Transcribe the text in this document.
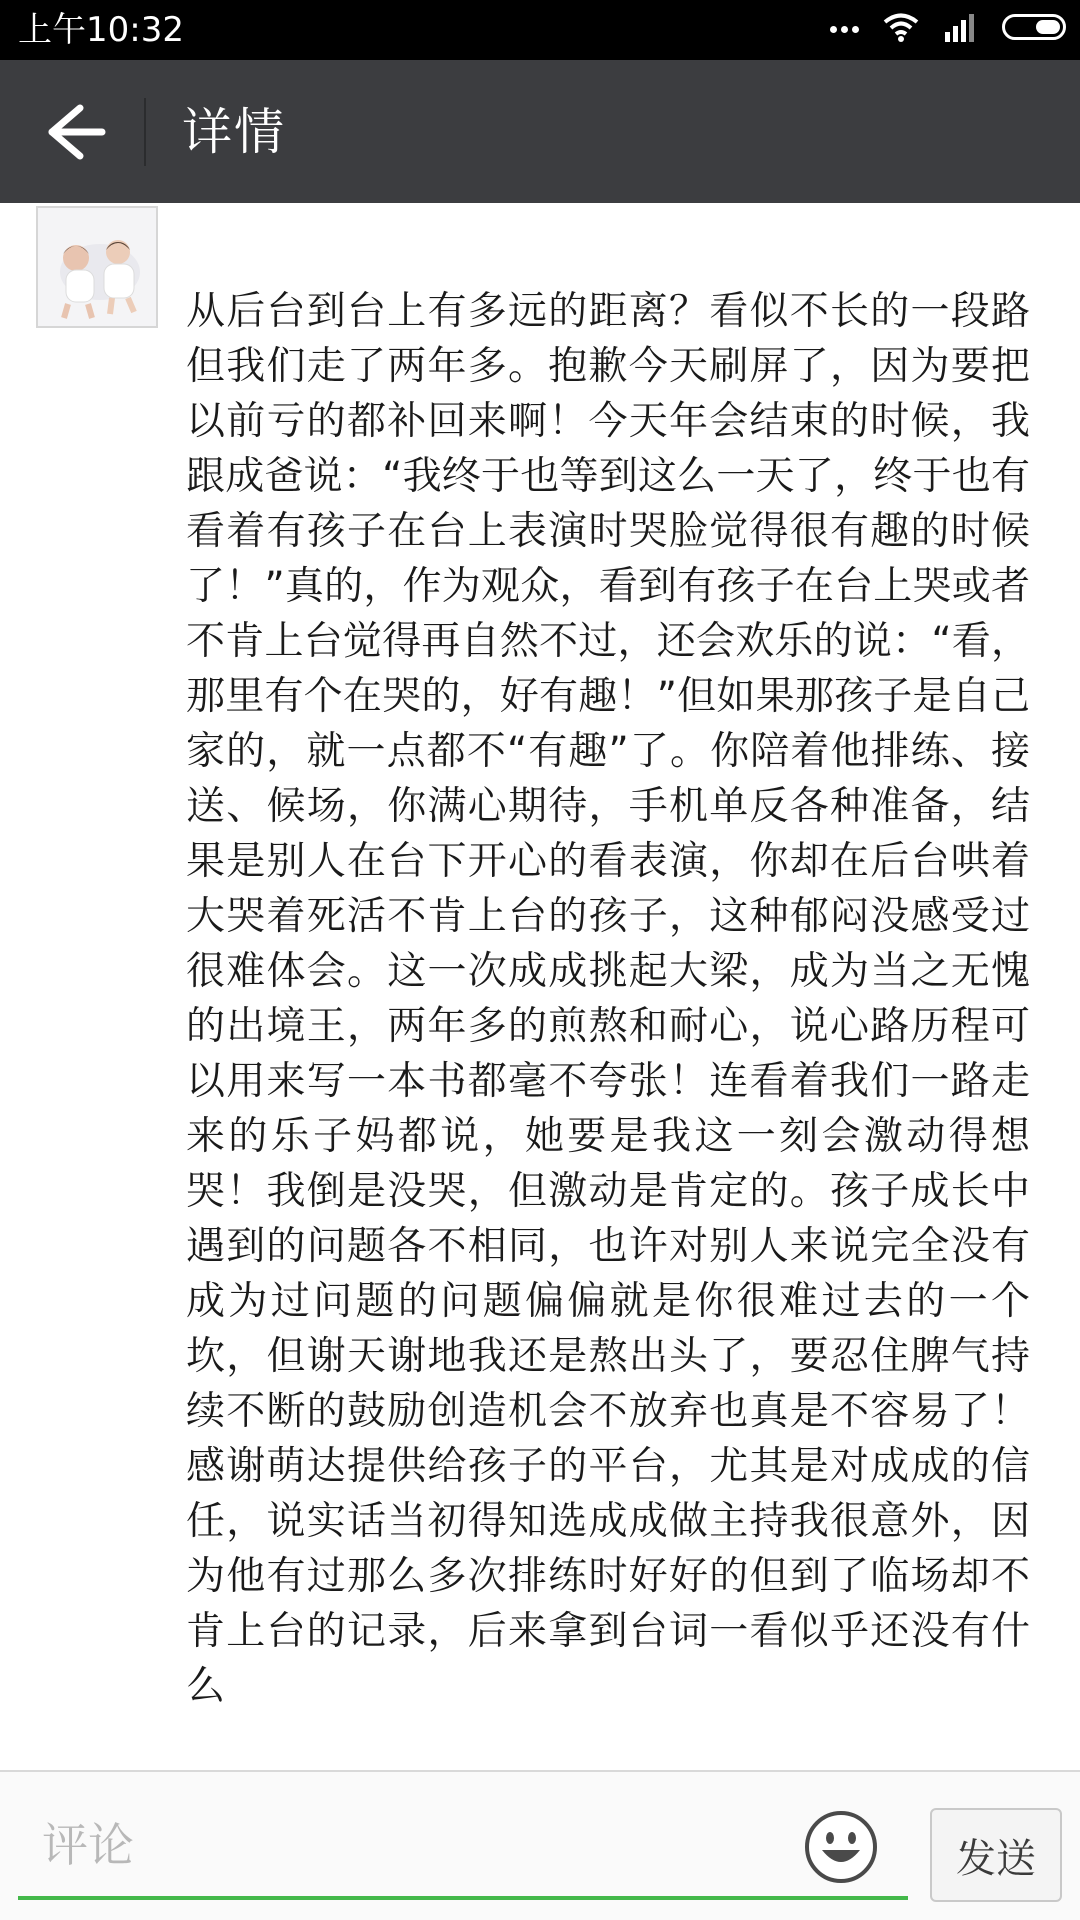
上午10:32

详情

从后台到台上有多远的距离？看似不长的一段路但我们走了两年多。抱歉今天刷屏了，因为要把以前亏的都补回来啊！今天年会结束的时候，我跟成爸说：“我终于也等到这么一天了，终于也有看着有孩子在台上表演时哭脸觉得很有趣的时候了！”真的，作为观众，看到有孩子在台上哭或者不肯上台觉得再自然不过，还会欢乐的说：“看，那里有个在哭的，好有趣！”但如果那孩子是自己家的，就一点都不“有趣”了。你陪着他排练、接送、候场，你满心期待，手机单反各种准备，结果是别人在台下开心的看表演，你却在后台哄着大哭着死活不肯上台的孩子，这种郁闷没感受过很难体会。这一次成成挑起大梁，成为当之无愧的出境王，两年多的煎熬和耐心，说心路历程可以用来写一本书都毫不夸张！连看着我们一路走来的乐子妈都说，她要是我这一刻会激动得想哭！我倒是没哭，但激动是肯定的。孩子成长中遇到的问题各不相同，也许对别人来说完全没有成为过问题的问题偏偏就是你很难过去的一个坎，但谢天谢地我还是熬出头了，要忍住脾气持续不断的鼓励创造机会不放弃也真是不容易了！感谢萌达提供给孩子的平台，尤其是对成成的信任，说实话当初得知选成成做主持我很意外，因为他有过那么多次排练时好好的但到了临场却不肯上台的记录，后来拿到台词一看似乎还没有什么

评论
发送
